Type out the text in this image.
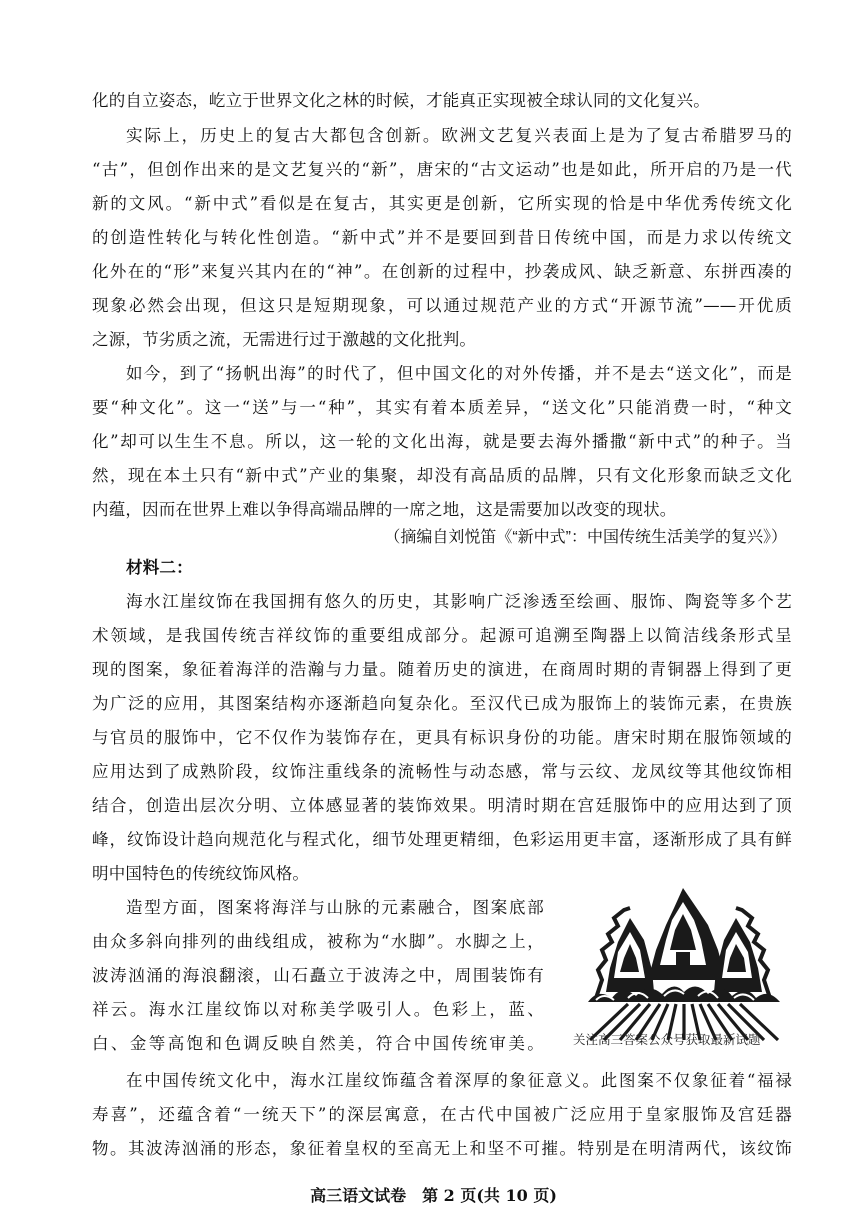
化的自立姿态，屹立于世界文化之林的时候，才能真正实现被全球认同的文化复兴。
实际上，历史上的复古大都包含创新。欧洲文艺复兴表面上是为了复古希腊罗马的
“古”，但创作出来的是文艺复兴的“新”，唐宋的“古文运动”也是如此，所开启的乃是一代
新的文风。“新中式”看似是在复古，其实更是创新，它所实现的恰是中华优秀传统文化
的创造性转化与转化性创造。“新中式”并不是要回到昔日传统中国，而是力求以传统文
化外在的“形”来复兴其内在的“神”。在创新的过程中，抄袭成风、缺乏新意、东拼西凑的
现象必然会出现，但这只是短期现象，可以通过规范产业的方式“开源节流”——开优质
之源，节劣质之流，无需进行过于激越的文化批判。
如今，到了“扬帆出海”的时代了，但中国文化的对外传播，并不是去“送文化”，而是
要“种文化”。这一“送”与一“种”，其实有着本质差异，“送文化”只能消费一时，“种文
化”却可以生生不息。所以，这一轮的文化出海，就是要去海外播撒“新中式”的种子。当
然，现在本土只有“新中式”产业的集聚，却没有高品质的品牌，只有文化形象而缺乏文化
内蕴，因而在世界上难以争得高端品牌的一席之地，这是需要加以改变的现状。
（摘编自刘悦笛《“新中式”：中国传统生活美学的复兴》）
材料二：
海水江崖纹饰在我国拥有悠久的历史，其影响广泛渗透至绘画、服饰、陶瓷等多个艺
术领域，是我国传统吉祥纹饰的重要组成部分。起源可追溯至陶器上以简洁线条形式呈
现的图案，象征着海洋的浩瀚与力量。随着历史的演进，在商周时期的青铜器上得到了更
为广泛的应用，其图案结构亦逐渐趋向复杂化。至汉代已成为服饰上的装饰元素，在贵族
与官员的服饰中，它不仅作为装饰存在，更具有标识身份的功能。唐宋时期在服饰领域的
应用达到了成熟阶段，纹饰注重线条的流畅性与动态感，常与云纹、龙凤纹等其他纹饰相
结合，创造出层次分明、立体感显著的装饰效果。明清时期在宫廷服饰中的应用达到了顶
峰，纹饰设计趋向规范化与程式化，细节处理更精细，色彩运用更丰富，逐渐形成了具有鲜
明中国特色的传统纹饰风格。
造型方面，图案将海洋与山脉的元素融合，图案底部
由众多斜向排列的曲线组成，被称为“水脚”。水脚之上，
波涛汹涌的海浪翻滚，山石矗立于波涛之中，周围装饰有
祥云。海水江崖纹饰以对称美学吸引人。色彩上，蓝、
白、金等高饱和色调反映自然美，符合中国传统审美。 关注高三答案公众号获取最新试题
在中国传统文化中，海水江崖纹饰蕴含着深厚的象征意义。此图案不仅象征着“福禄
寿喜”，还蕴含着“一统天下”的深层寓意，在古代中国被广泛应用于皇家服饰及宫廷器
物。其波涛汹涌的形态，象征着皇权的至高无上和坚不可摧。特别是在明清两代，该纹饰
高三语文试卷　第 2 页(共 10 页)
